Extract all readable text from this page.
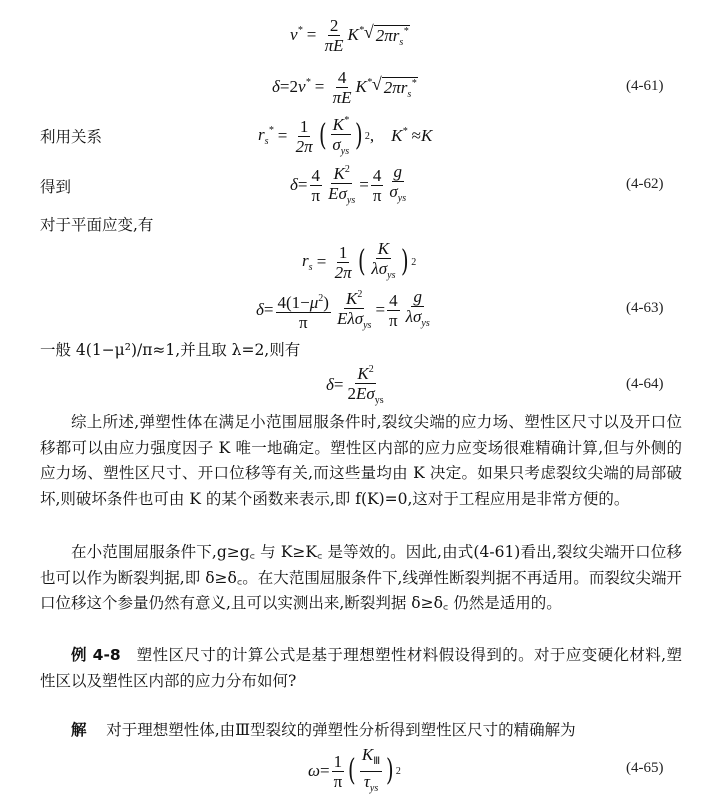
$v^* = \frac{2}{\pi E} K^*$ √ $2\pi r_s^*$
δ =2 $v^* = \frac{4}{\pi E} K^*$ √ $2\pi r_s^*$	(4-61)
利用关系	$r_s^* = \frac{1}{2\pi}$ ( $\frac{K^*}{\sigma_{ys}}$ ) 2 , K* ≈ K
得到	$\delta = \frac{4}{\pi} \frac{K^2}{E\sigma_{ys}} = \frac{4}{\pi} \frac{g}{\sigma_{ys}}$	(4-62)
对于平面应变,有
$r_s = \frac{1}{2\pi}$ ( $\frac{K}{\lambda\sigma_{ys}}$ ) 2
$\delta = \frac{4(1-\mu^2)}{\pi} \frac{K^2}{E\lambda\sigma_{ys}} = \frac{4}{\pi} \frac{g}{\lambda\sigma_{ys}}$	(4-63)
一般 4(1−μ²)/π≈1,并且取 λ=2,则有
$\delta = \frac{K^2}{2E\sigma_{ys}}$	(4-64)
综上所述,弹塑性体在满足小范围屈服条件时,裂纹尖端的应力场、塑性区尺寸以及开口位移都可以由应力强度因子 K 唯一地确定。塑性区内部的应力应变场很难精确计算,但与外侧的应力场、塑性区尺寸、开口位移等有关,而这些量均由 K 决定。如果只考虑裂纹尖端的局部破坏,则破坏条件也可由 K 的某个函数来表示,即 f(K)=0,这对于工程应用是非常方便的。
在小范围屈服条件下,g≥g꜀ 与 K≥K꜀ 是等效的。因此,由式(4-61)看出,裂纹尖端开口位移也可以作为断裂判据,即 δ≥δ꜀。在大范围屈服条件下,线弹性断裂判据不再适用。而裂纹尖端开口位移这个参量仍然有意义,且可以实测出来,断裂判据 δ≥δ꜀ 仍然是适用的。
例 4-8 塑性区尺寸的计算公式是基于理想塑性材料假设得到的。对于应变硬化材料,塑性区以及塑性区内部的应力分布如何?
解 对于理想塑性体,由Ⅲ型裂纹的弹塑性分析得到塑性区尺寸的精确解为
$\omega = \frac{1}{\pi}$ ( $\frac{K_Ⅲ}{\tau_{ys}}$ ) 2	(4-65)
